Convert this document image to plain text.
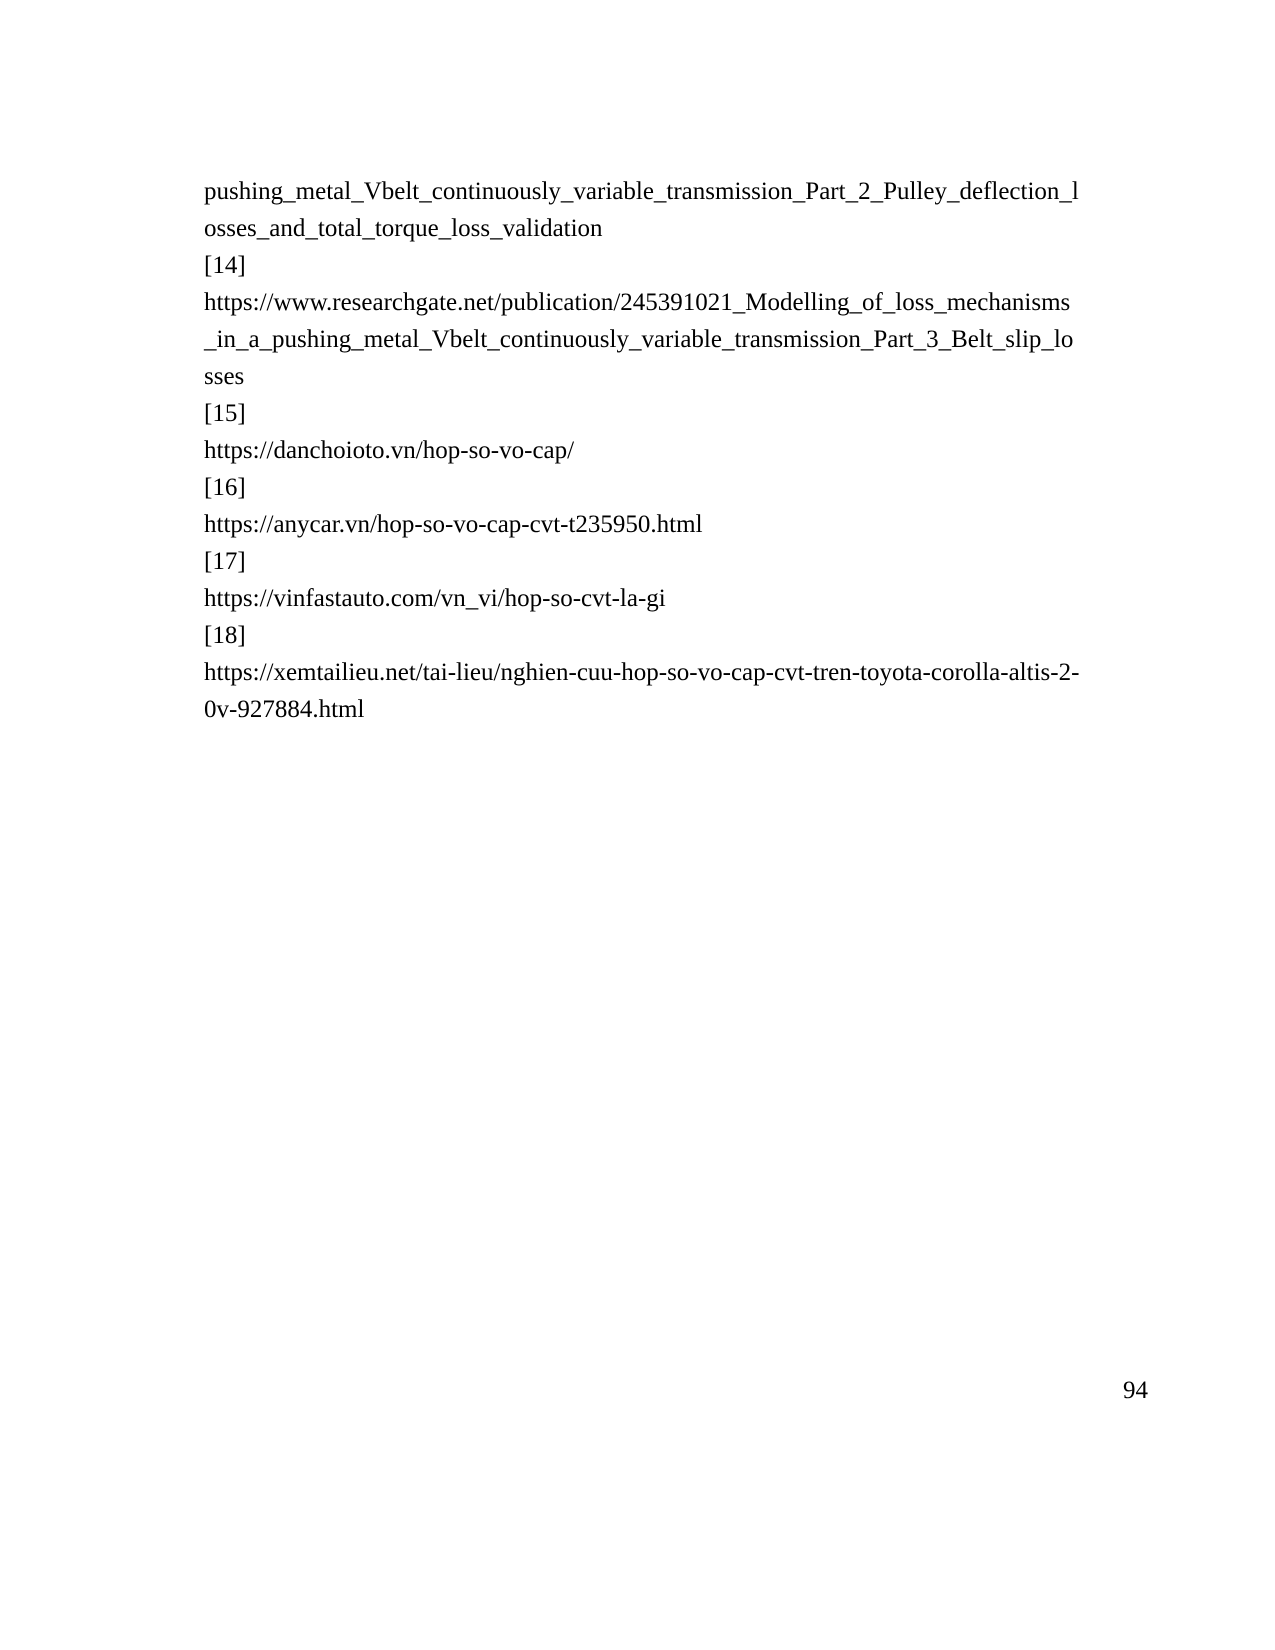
pushing_metal_Vbelt_continuously_variable_transmission_Part_2_Pulley_deflection_l
osses_and_total_torque_loss_validation
[14]
https://www.researchgate.net/publication/245391021_Modelling_of_loss_mechanisms
_in_a_pushing_metal_Vbelt_continuously_variable_transmission_Part_3_Belt_slip_lo
sses
[15]
https://danchoioto.vn/hop-so-vo-cap/
[16]
https://anycar.vn/hop-so-vo-cap-cvt-t235950.html
[17]
https://vinfastauto.com/vn_vi/hop-so-cvt-la-gi
[18]
https://xemtailieu.net/tai-lieu/nghien-cuu-hop-so-vo-cap-cvt-tren-toyota-corolla-altis-2-
0v-927884.html
94
